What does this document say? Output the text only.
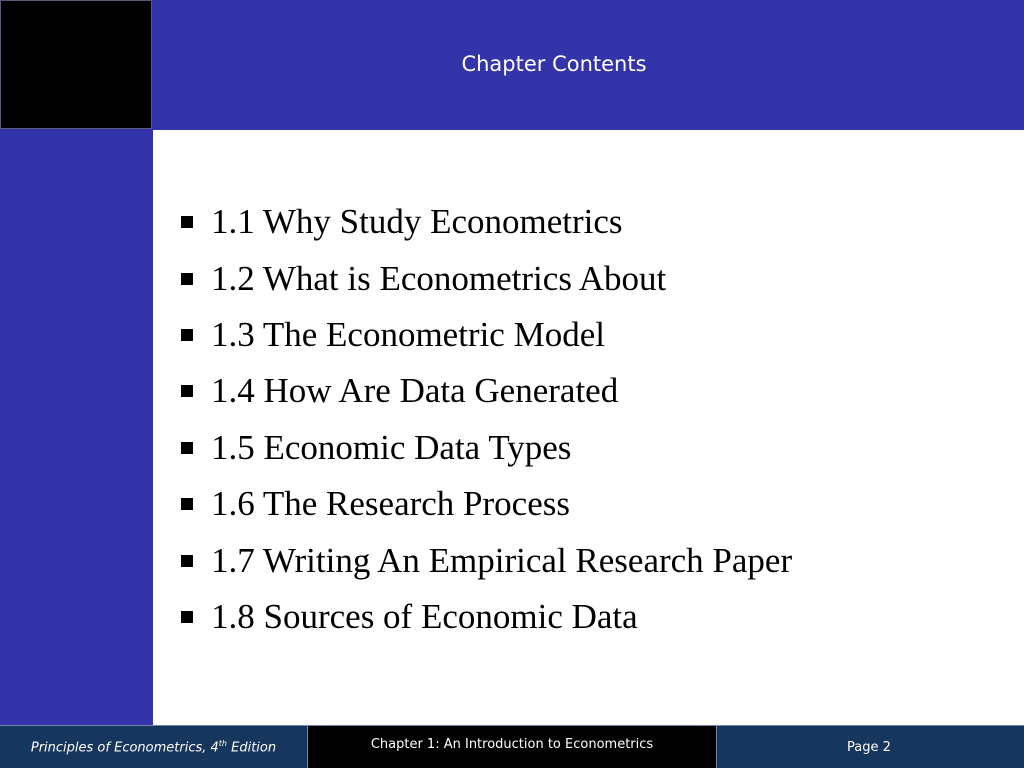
Chapter Contents
1.1 Why Study Econometrics
1.2 What is Econometrics About
1.3 The Econometric Model
1.4 How Are Data Generated
1.5 Economic Data Types
1.6 The Research Process
1.7 Writing An Empirical Research Paper
1.8 Sources of Economic Data
Principles of Econometrics, 4th Edition	Chapter 1: An Introduction to Econometrics	Page 2
